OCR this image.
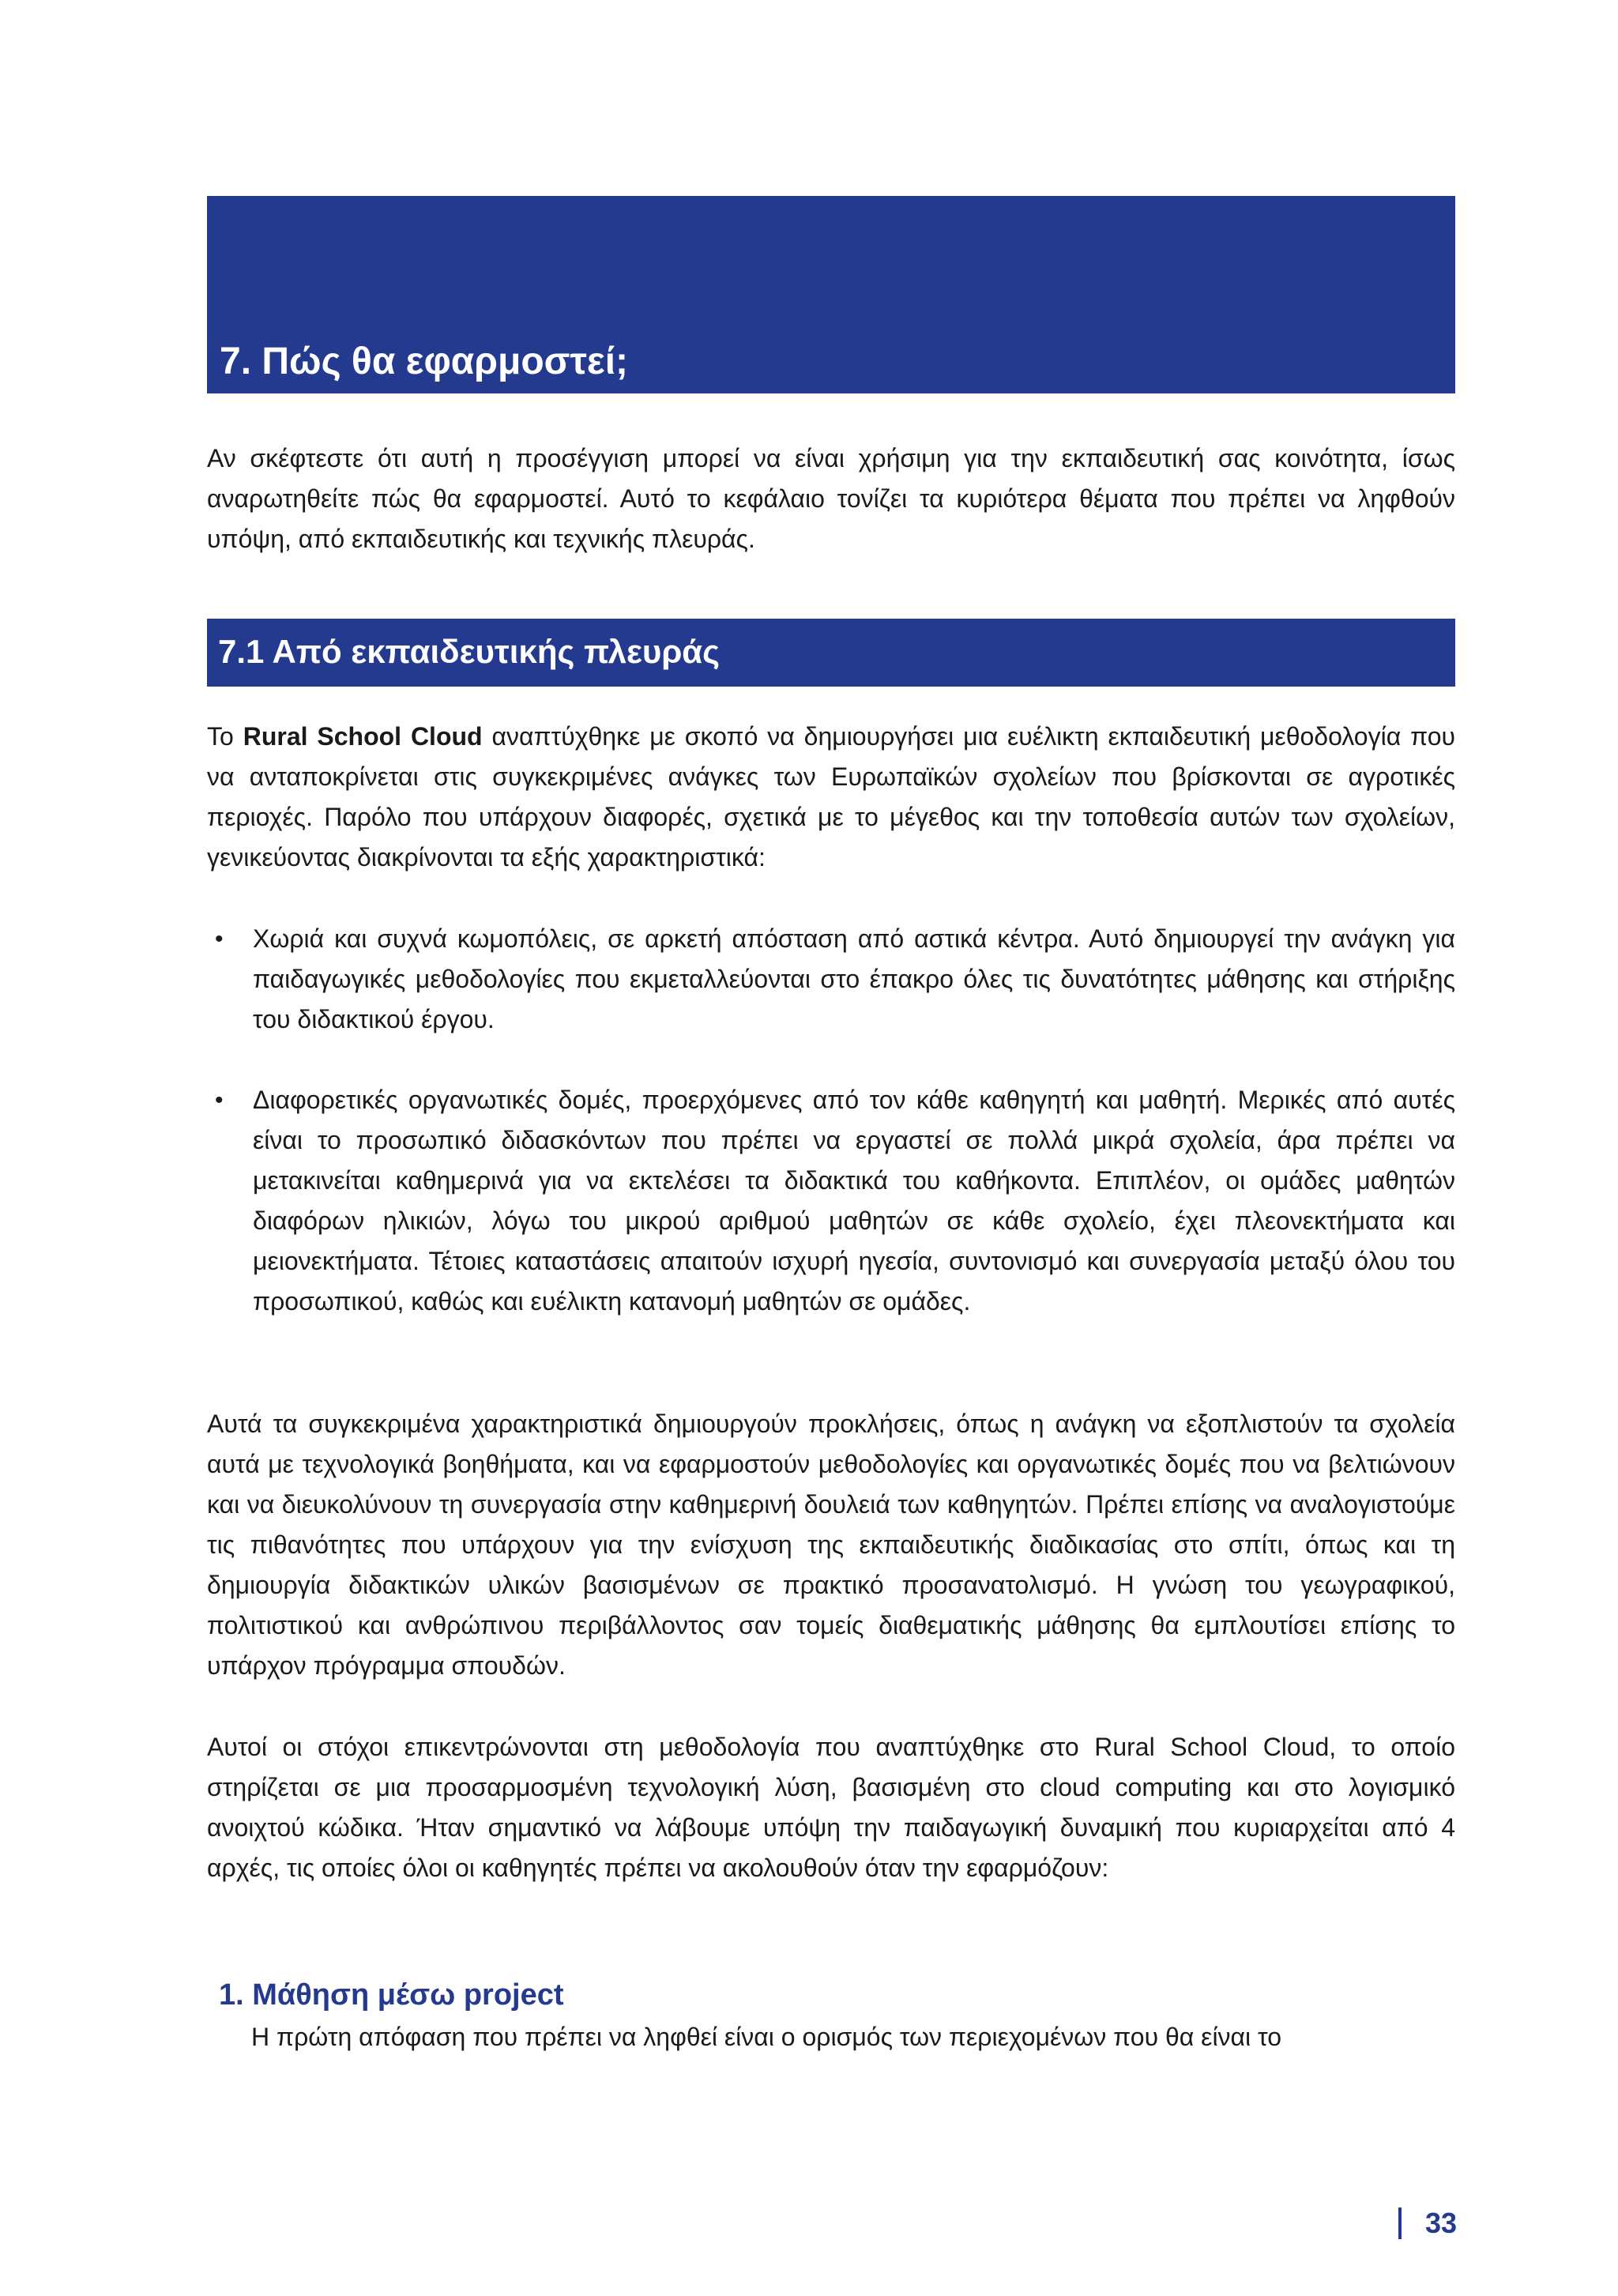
7. Πώς θα εφαρμοστεί;

Αν σκέφτεστε ότι αυτή η προσέγγιση μπορεί να είναι χρήσιμη για την εκπαιδευτική σας κοινότητα, ίσως αναρωτηθείτε πώς θα εφαρμοστεί. Αυτό το κεφάλαιο τονίζει τα κυριότερα θέματα που πρέπει να ληφθούν υπόψη, από εκπαιδευτικής και τεχνικής πλευράς.

7.1 Από εκπαιδευτικής πλευράς

Το Rural School Cloud αναπτύχθηκε με σκοπό να δημιουργήσει μια ευέλικτη εκπαιδευτική μεθοδολογία που να ανταποκρίνεται στις συγκεκριμένες ανάγκες των Ευρωπαϊκών σχολείων που βρίσκονται σε αγροτικές περιοχές. Παρόλο που υπάρχουν διαφορές, σχετικά με το μέγεθος και την τοποθεσία αυτών των σχολείων, γενικεύοντας διακρίνονται τα εξής χαρακτηριστικά:

• Χωριά και συχνά κωμοπόλεις, σε αρκετή απόσταση από αστικά κέντρα. Αυτό δημιουργεί την ανάγκη για παιδαγωγικές μεθοδολογίες που εκμεταλλεύονται στο έπακρο όλες τις δυνατότητες μάθησης και στήριξης του διδακτικού έργου.
• Διαφορετικές οργανωτικές δομές, προερχόμενες από τον κάθε καθηγητή και μαθητή. Μερικές από αυτές είναι το προσωπικό διδασκόντων που πρέπει να εργαστεί σε πολλά μικρά σχολεία, άρα πρέπει να μετακινείται καθημερινά για να εκτελέσει τα διδακτικά του καθήκοντα. Επιπλέον, οι ομάδες μαθητών διαφόρων ηλικιών, λόγω του μικρού αριθμού μαθητών σε κάθε σχολείο, έχει πλεονεκτήματα και μειονεκτήματα. Τέτοιες καταστάσεις απαιτούν ισχυρή ηγεσία, συντονισμό και συνεργασία μεταξύ όλου του προσωπικού, καθώς και ευέλικτη κατανομή μαθητών σε ομάδες.

Αυτά τα συγκεκριμένα χαρακτηριστικά δημιουργούν προκλήσεις, όπως η ανάγκη να εξοπλιστούν τα σχολεία αυτά με τεχνολογικά βοηθήματα, και να εφαρμοστούν μεθοδολογίες και οργανωτικές δομές που να βελτιώνουν και να διευκολύνουν τη συνεργασία στην καθημερινή δουλειά των καθηγητών. Πρέπει επίσης να αναλογιστούμε τις πιθανότητες που υπάρχουν για την ενίσχυση της εκπαιδευτικής διαδικασίας στο σπίτι, όπως και τη δημιουργία διδακτικών υλικών βασισμένων σε πρακτικό προσανατολισμό. Η γνώση του γεωγραφικού, πολιτιστικού και ανθρώπινου περιβάλλοντος σαν τομείς διαθεματικής μάθησης θα εμπλουτίσει επίσης το υπάρχον πρόγραμμα σπουδών.

Αυτοί οι στόχοι επικεντρώνονται στη μεθοδολογία που αναπτύχθηκε στο Rural School Cloud, το οποίο στηρίζεται σε μια προσαρμοσμένη τεχνολογική λύση, βασισμένη στο cloud computing και στο λογισμικό ανοιχτού κώδικα. Ήταν σημαντικό να λάβουμε υπόψη την παιδαγωγική δυναμική που κυριαρχείται από 4 αρχές, τις οποίες όλοι οι καθηγητές πρέπει να ακολουθούν όταν την εφαρμόζουν:

1. Μάθηση μέσω project

Η πρώτη απόφαση που πρέπει να ληφθεί είναι ο ορισμός των περιεχομένων που θα είναι το

33
